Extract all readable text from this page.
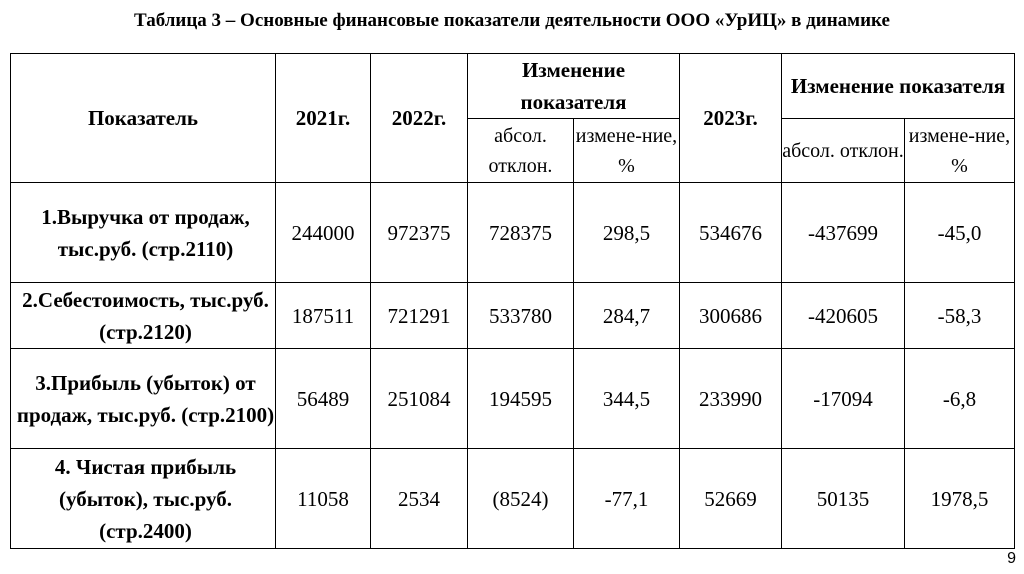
Таблица 3 – Основные финансовые показатели деятельности ООО «УрИЦ» в динамике
Показатель	2021г.	2022г.	Изменение показателя		2023г.	Изменение показателя	
			абсол. отклон.	измене-ние, %		абсол. отклон.	измене-ние, %
1.Выручка от продаж, тыс.руб. (стр.2110)	244000	972375	728375	298,5	534676	-437699	-45,0
2.Себестоимость, тыс.руб. (стр.2120)	187511	721291	533780	284,7	300686	-420605	-58,3
3.Прибыль (убыток) от продаж, тыс.руб. (стр.2100)	56489	251084	194595	344,5	233990	-17094	-6,8
4. Чистая прибыль (убыток), тыс.руб. (стр.2400)	11058	2534	(8524)	-77,1	52669	50135	1978,5
9
